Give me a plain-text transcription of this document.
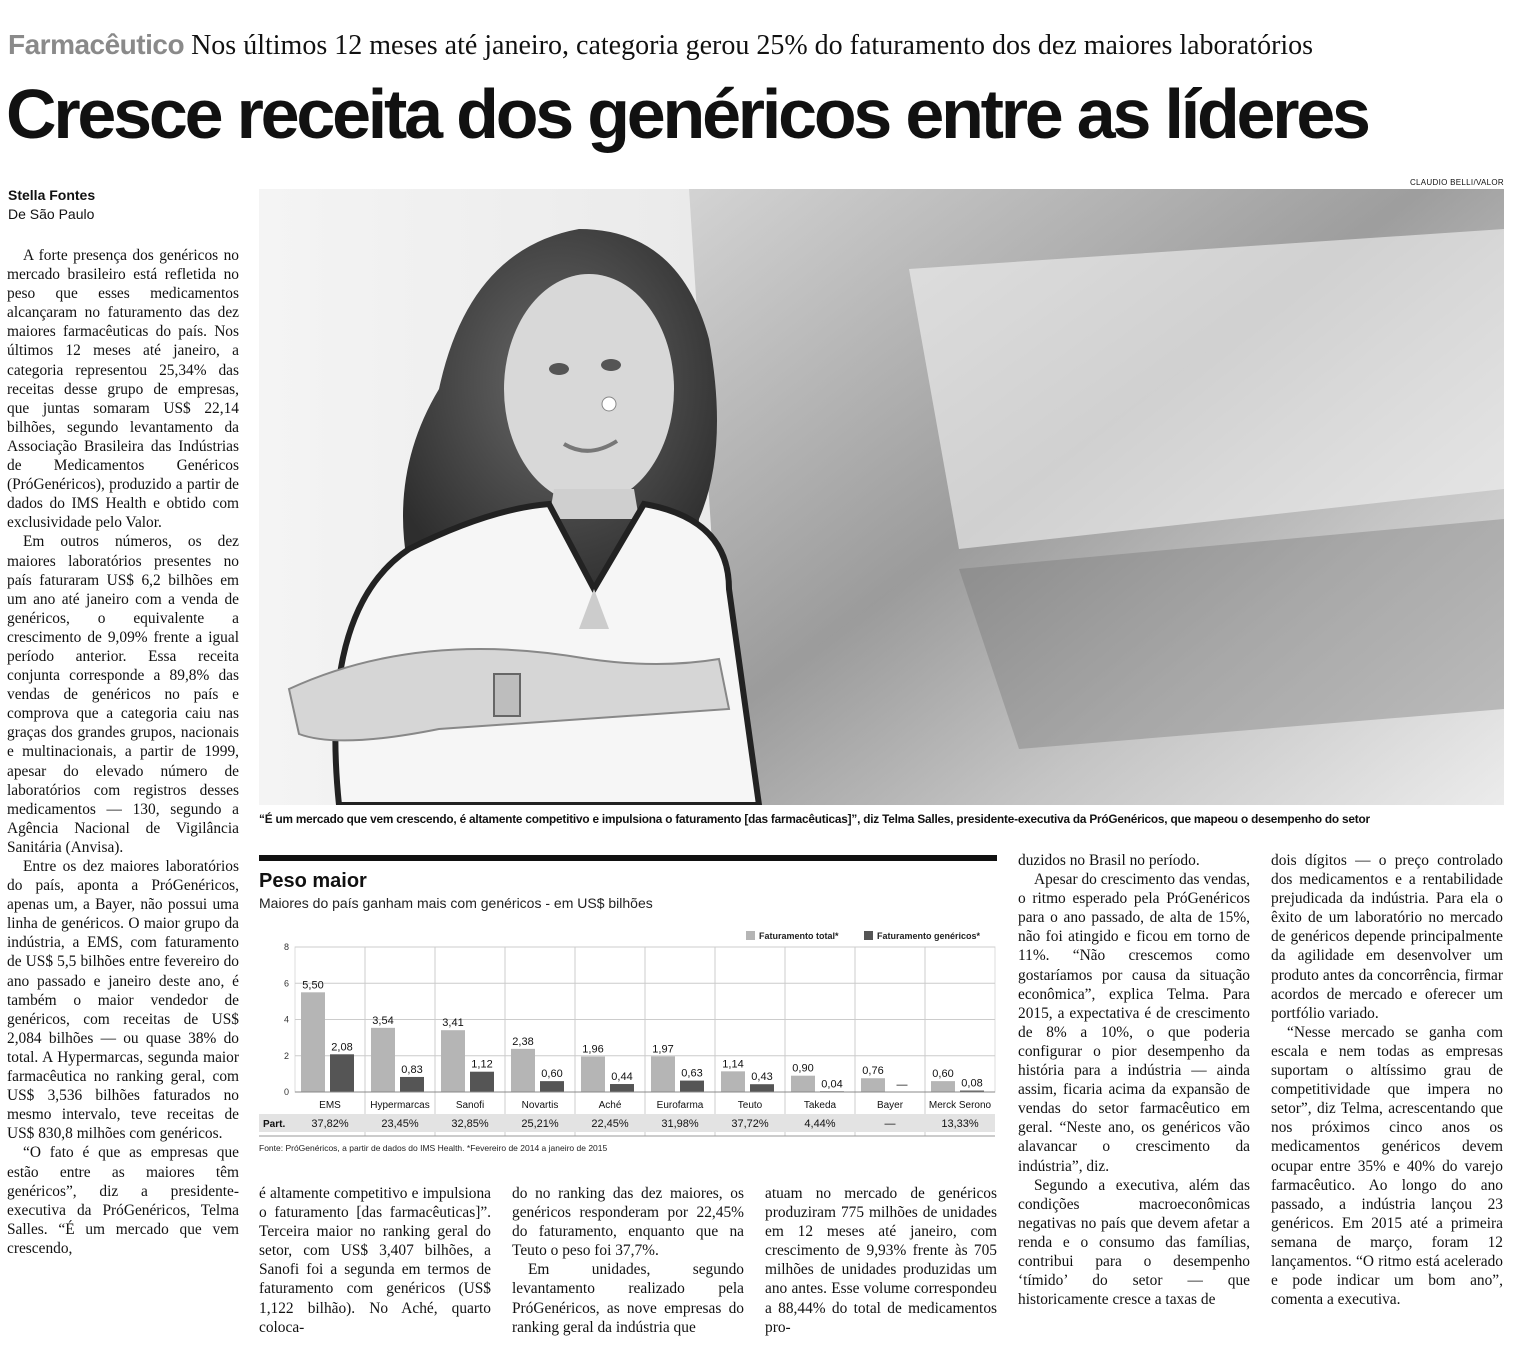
Farmacêutico Nos últimos 12 meses até janeiro, categoria gerou 25% do faturamento dos dez maiores laboratórios
Cresce receita dos genéricos entre as líderes
Stella Fontes
De São Paulo

A forte presença dos genéricos no mercado brasileiro está refletida no peso que esses medicamentos alcançaram no faturamento das dez maiores farmacêuticas do país. Nos últimos 12 meses até janeiro, a categoria representou 25,34% das receitas desse grupo de empresas, que juntas somaram US$ 22,14 bilhões, segundo levantamento da Associação Brasileira das Indústrias de Medicamentos Genéricos (PróGenéricos), produzido a partir de dados do IMS Health e obtido com exclusividade pelo Valor.

Em outros números, os dez maiores laboratórios presentes no país faturaram US$ 6,2 bilhões em um ano até janeiro com a venda de genéricos, o equivalente a crescimento de 9,09% frente a igual período anterior. Essa receita conjunta corresponde a 89,8% das vendas de genéricos no país e comprova que a categoria caiu nas graças dos grandes grupos, nacionais e multinacionais, a partir de 1999, apesar do elevado número de laboratórios com registros desses medicamentos — 130, segundo a Agência Nacional de Vigilância Sanitária (Anvisa).

Entre os dez maiores laboratórios do país, aponta a PróGenéricos, apenas um, a Bayer, não possui uma linha de genéricos. O maior grupo da indústria, a EMS, com faturamento de US$ 5,5 bilhões entre fevereiro do ano passado e janeiro deste ano, é também o maior vendedor de genéricos, com receitas de US$ 2,084 bilhões — ou quase 38% do total. A Hypermarcas, segunda maior farmacêutica no ranking geral, com US$ 3,536 bilhões faturados no mesmo intervalo, teve receitas de US$ 830,8 milhões com genéricos.

“O fato é que as empresas que estão entre as maiores têm genéricos”, diz a presidente-executiva da PróGenéricos, Telma Salles. “É um mercado que vem crescendo,

CLAUDIO BELLI/VALOR
“É um mercado que vem crescendo, é altamente competitivo e impulsiona o faturamento [das farmacêuticas]”, diz Telma Salles, presidente-executiva da PróGenéricos, que mapeou o desempenho do setor
Peso maior
Maiores do país ganham mais com genéricos - em US$ bilhões
0
2
4
6
8
Faturamento total*	Faturamento genéricos*
5,50
2,08
EMS
3,54
0,83
Hypermarcas
3,41
1,12
Sanofi
2,38
0,60
Novartis
1,96
0,44
Aché
1,97
0,63
Eurofarma
1,14
0,43
Teuto
0,90
0,04
Takeda
0,76
—
Bayer
0,60
0,08
Merck Serono
Part. 37,82%	23,45%	32,85%	25,21%	22,45%	31,98%	37,72%	4,44%	—	13,33%
Fonte: PróGenéricos, a partir de dados do IMS Health. *Fevereiro de 2014 a janeiro de 2015

é altamente competitivo e impulsiona o faturamento [das farmacêuticas]”. Terceira maior no ranking geral do setor, com US$ 3,407 bilhões, a Sanofi foi a segunda em termos de faturamento com genéricos (US$ 1,122 bilhão). No Aché, quarto coloca-

do no ranking das dez maiores, os genéricos responderam por 22,45% do faturamento, enquanto que na Teuto o peso foi 37,7%.

Em unidades, segundo levantamento realizado pela PróGenéricos, as nove empresas do ranking geral da indústria que

atuam no mercado de genéricos produziram 775 milhões de unidades em 12 meses até janeiro, com crescimento de 9,93% frente às 705 milhões de unidades produzidas um ano antes. Esse volume correspondeu a 88,44% do total de medicamentos pro-

duzidos no Brasil no período.

Apesar do crescimento das vendas, o ritmo esperado pela PróGenéricos para o ano passado, de alta de 15%, não foi atingido e ficou em torno de 11%. “Não crescemos como gostaríamos por causa da situação econômica”, explica Telma. Para 2015, a expectativa é de crescimento de 8% a 10%, o que poderia configurar o pior desempenho da história para a indústria — ainda assim, ficaria acima da expansão de vendas do setor farmacêutico em geral. “Neste ano, os genéricos vão alavancar o crescimento da indústria”, diz.

Segundo a executiva, além das condições macroeconômicas negativas no país que devem afetar a renda e o consumo das famílias, contribui para o desempenho ‘tímido’ do setor — que historicamente cresce a taxas de

dois dígitos — o preço controlado dos medicamentos e a rentabilidade prejudicada da indústria. Para ela o êxito de um laboratório no mercado de genéricos depende principalmente da agilidade em desenvolver um produto antes da concorrência, firmar acordos de mercado e oferecer um portfólio variado.

“Nesse mercado se ganha com escala e nem todas as empresas suportam o altíssimo grau de competitividade que impera no setor”, diz Telma, acrescentando que nos próximos cinco anos os medicamentos genéricos devem ocupar entre 35% e 40% do varejo farmacêutico. Ao longo do ano passado, a indústria lançou 23 genéricos. Em 2015 até a primeira semana de março, foram 12 lançamentos. “O ritmo está acelerado e pode indicar um bom ano”, comenta a executiva.
